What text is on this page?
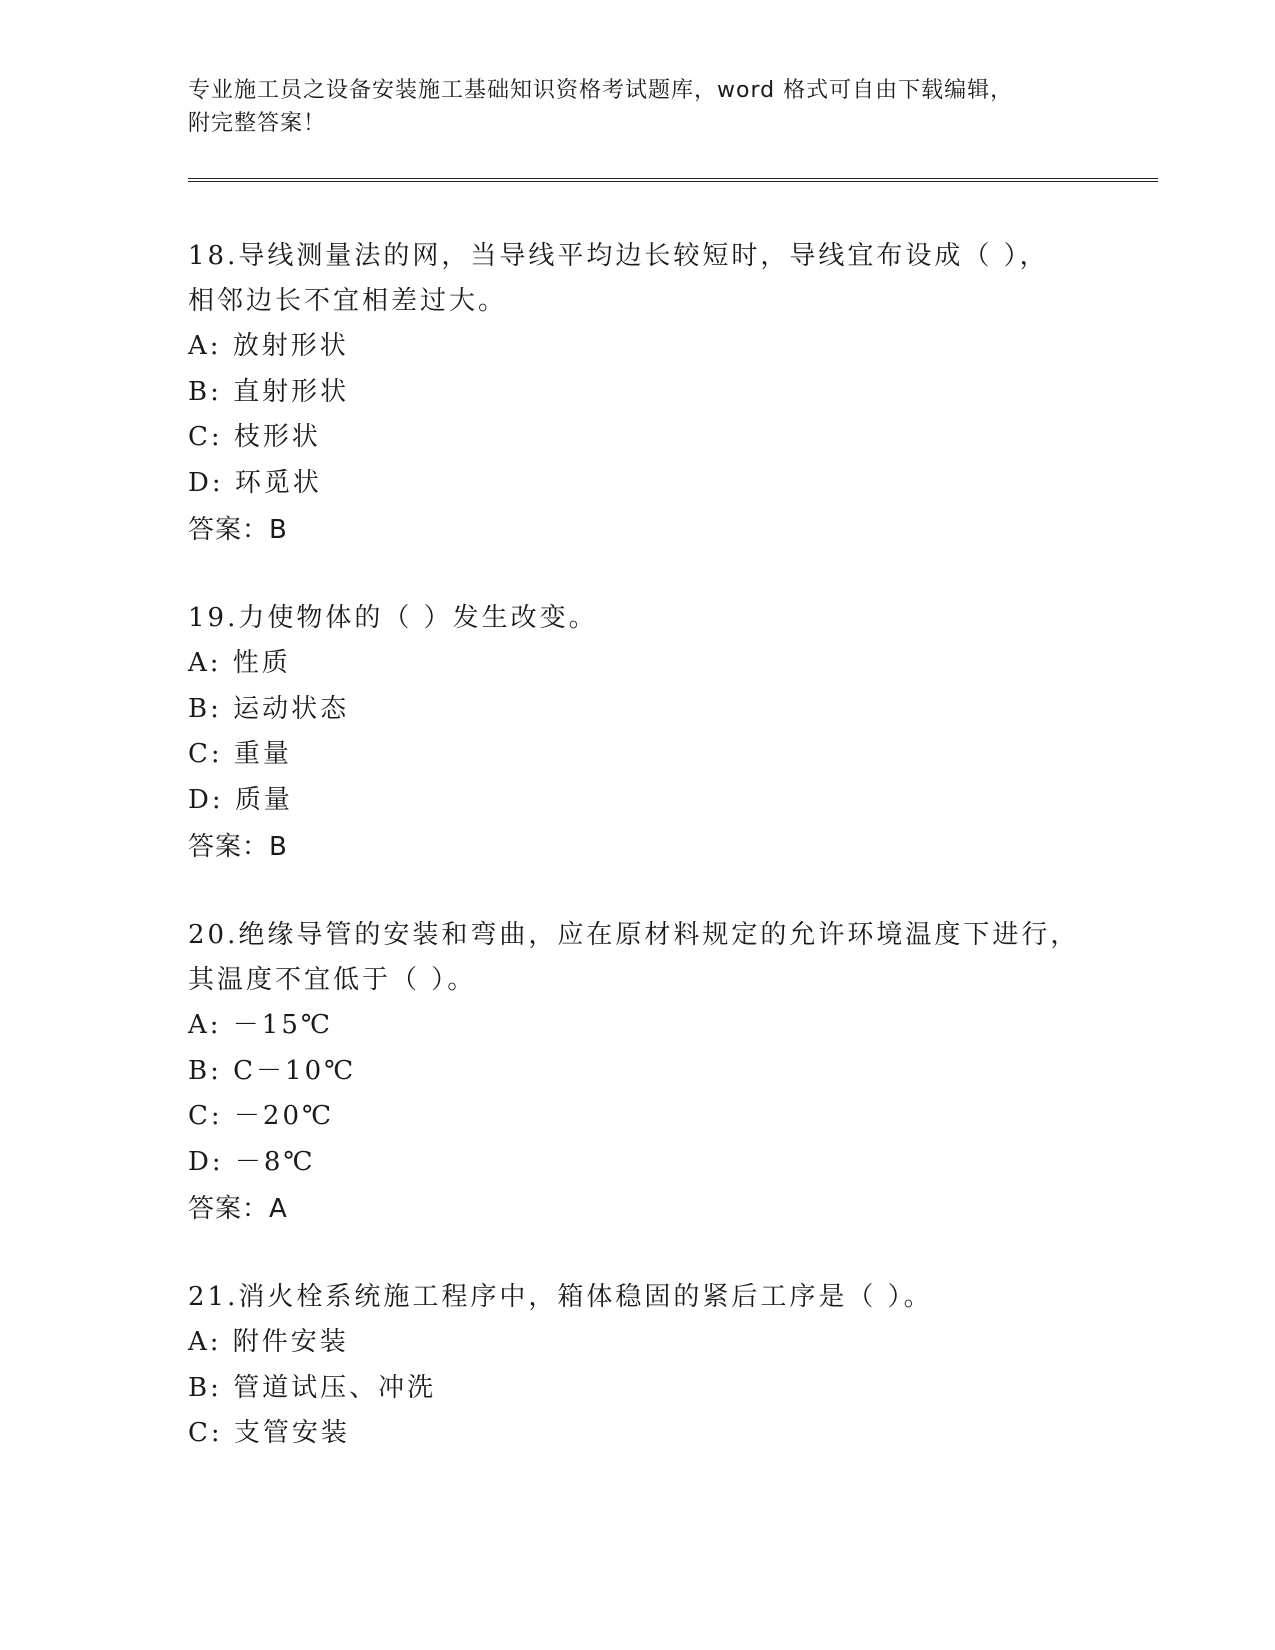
专业施工员之设备安装施工基础知识资格考试题库，word 格式可自由下载编辑，
附完整答案！
18.导线测量法的网，当导线平均边长较短时，导线宜布设成（ ），
相邻边长不宜相差过大。
A: 放射形状
B: 直射形状
C: 枝形状
D: 环觅状
答案：B
19.力使物体的（ ）发生改变。
A: 性质
B: 运动状态
C: 重量
D: 质量
答案：B
20.绝缘导管的安装和弯曲，应在原材料规定的允许环境温度下进行，
其温度不宜低于（ ）。
A: －15℃
B: C－10℃
C: －20℃
D: －8℃
答案：A
21.消火栓系统施工程序中，箱体稳固的紧后工序是（ ）。
A: 附件安装
B: 管道试压、冲洗
C: 支管安装
